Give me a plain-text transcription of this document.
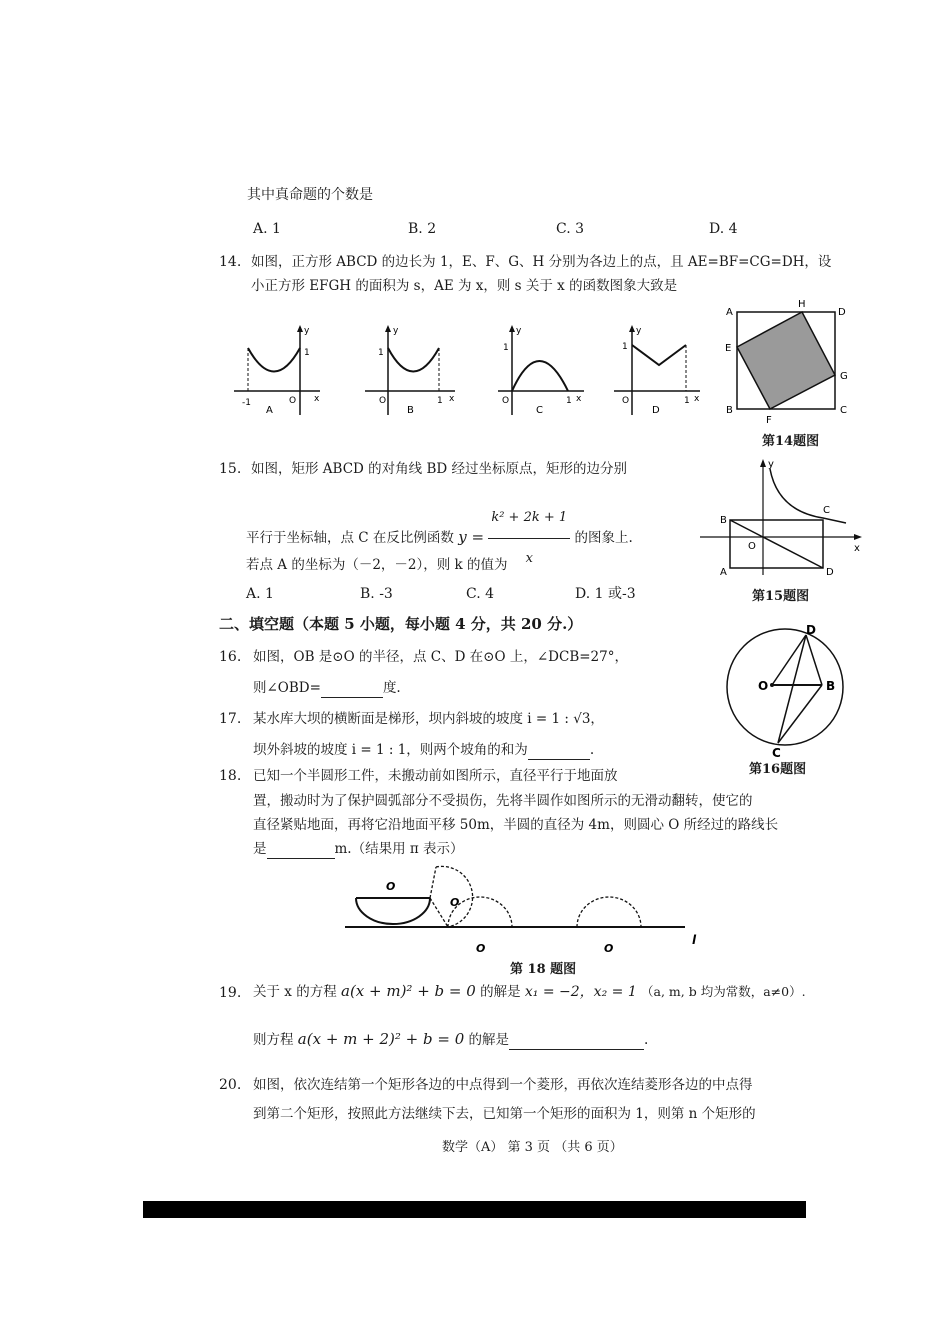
其中真命题的个数是
A. 1	B. 2	C. 3	D. 4
14. 如图，正方形 ABCD 的边长为 1，E、F、G、H 分别为各边上的点，且 AE=BF=CG=DH，设
小正方形 EFGH 的面积为 s，AE 为 x，则 s 关于 x 的函数图象大致是
-1	O
1
y
x
A
O	1
1
y
x
B
O	1
1
y
x
C
O	1
1
y
x
D
A
H
D
E
G
B
F
C
第14题图
15. 如图，矩形 ABCD 的对角线 BD 经过坐标原点，矩形的边分别
平行于坐标轴，点 C 在反比例函数 $y = \frac{\text{k² + 2k + 1}}{x}$ 的图象上.
若点 A 的坐标为（－2，－2），则 k 的值为
A. 1	B. -3	C. 4	D. 1 或-3
y
x
B
C
O
A	D
第15题图
二、填空题（本题 5 小题，每小题 4 分，共 20 分.）
16. 如图，OB 是⊙O 的半径，点 C、D 在⊙O 上，∠DCB=27°，
则∠OBD=	度.	O
D
B
C
第16题图
17. 某水库大坝的横断面是梯形，坝内斜坡的坡度 i = 1 : √3，
坝外斜坡的坡度 i = 1 : 1，则两个坡角的和为	.
18. 已知一个半圆形工件，未搬动前如图所示，直径平行于地面放
置，搬动时为了保护圆弧部分不受损伤，先将半圆作如图所示的无滑动翻转，使它的
直径紧贴地面，再将它沿地面平移 50m，半圆的直径为 4m，则圆心 O 所经过的路线长
是	m.（结果用 π 表示）
O
O
O	O
l
第 18 题图
19. 关于 x 的方程 a(x + m)² + b = 0 的解是 x₁ = −2，x₂ = 1 （a, m, b 均为常数，a≠0）.
则方程 a(x + m + 2)² + b = 0 的解是	.
20. 如图，依次连结第一个矩形各边的中点得到一个菱形，再依次连结菱形各边的中点得
到第二个矩形，按照此方法继续下去，已知第一个矩形的面积为 1，则第 n 个矩形的
数学（A） 第 3 页 （共 6 页）
